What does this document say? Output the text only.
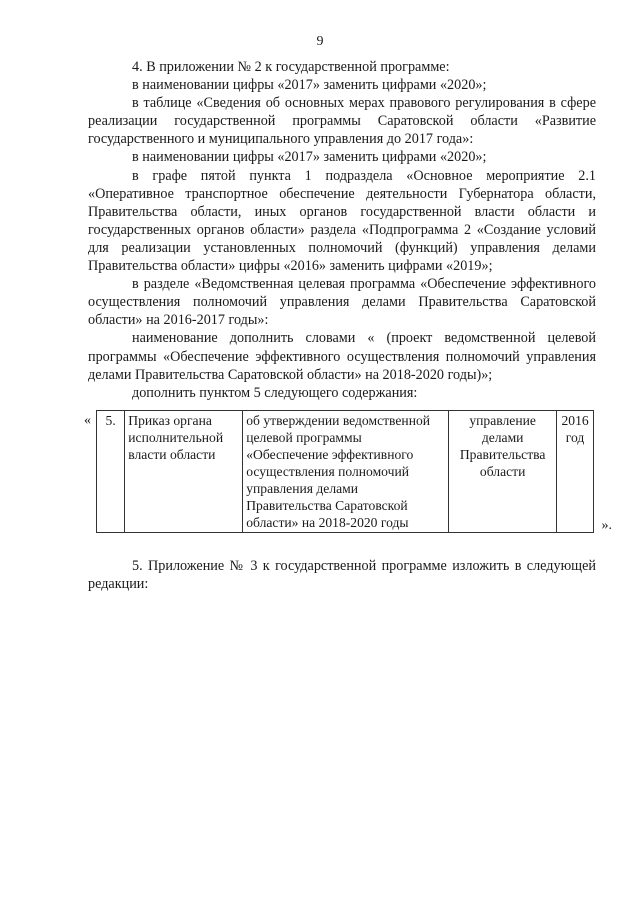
9

4. В приложении № 2 к государственной программе:

в наименовании цифры «2017» заменить цифрами «2020»;

в таблице «Сведения об основных мерах правового регулирования в сфере реализации государственной программы Саратовской области «Развитие государственного и муниципального управления до 2017 года»:

в наименовании цифры «2017» заменить цифрами «2020»;

в графе пятой пункта 1 подраздела «Основное мероприятие 2.1 «Оперативное транспортное обеспечение деятельности Губернатора области, Правительства области, иных органов государственной власти области и государственных органов области» раздела «Подпрограмма 2 «Создание условий для реализации установленных полномочий (функций) управления делами Правительства области» цифры «2016» заменить цифрами «2019»;

в разделе «Ведомственная целевая программа «Обеспечение эффективного осуществления полномочий управления делами Правительства Саратовской области» на 2016-2017 годы»:

наименование дополнить словами « (проект ведомственной целевой программы «Обеспечение эффективного осуществления полномочий управления делами Правительства Саратовской области» на 2018-2020 годы)»;

дополнить пунктом 5 следующего содержания:

« 5.	Приказ органа исполнительной власти области	об утверждении ведомственной целевой программы «Обеспечение эффективного осуществления полномочий управления делами Правительства Саратовской области» на 2018-2020 годы	управление делами Правительства области	2016 год
».

5. Приложение № 3 к государственной программе изложить в следующей редакции:
